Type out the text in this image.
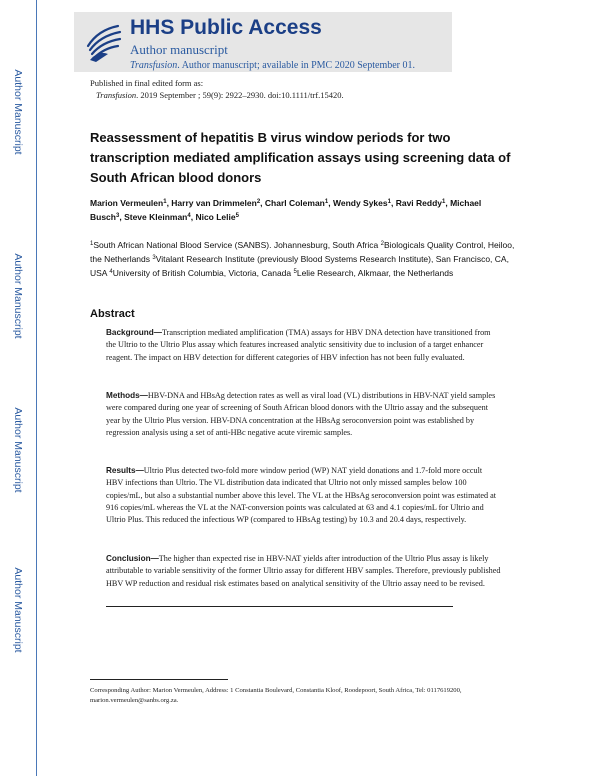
Author Manuscript
Author Manuscript
Author Manuscript
Author Manuscript
HHS Public Access
Author manuscript
Transfusion. Author manuscript; available in PMC 2020 September 01.
Published in final edited form as:
Transfusion. 2019 September ; 59(9): 2922–2930. doi:10.1111/trf.15420.
Reassessment of hepatitis B virus window periods for two transcription mediated amplification assays using screening data of South African blood donors
Marion Vermeulen$^1$, Harry van Drimmelen$^2$, Charl Coleman$^1$, Wendy Sykes$^1$, Ravi Reddy$^1$, Michael Busch$^3$, Steve Kleinman$^4$, Nico Lelie$^5$
$^1$South African National Blood Service (SANBS). Johannesburg, South Africa $^2$Biologicals Quality Control, Heiloo, the Netherlands $^3$Vitalant Research Institute (previously Blood Systems Research Institute), San Francisco, CA, USA $^4$University of British Columbia, Victoria, Canada $^5$Lelie Research, Alkmaar, the Netherlands
Abstract
Background—Transcription mediated amplification (TMA) assays for HBV DNA detection have transitioned from the Ultrio to the Ultrio Plus assay which features increased analytic sensitivity due to inclusion of a target enhancer reagent. The impact on HBV detection for different categories of HBV infection has not been fully evaluated.
Methods—HBV-DNA and HBsAg detection rates as well as viral load (VL) distributions in HBV-NAT yield samples were compared during one year of screening of South African blood donors with the Ultrio assay and the subsequent year by the Ultrio Plus version. HBV-DNA concentration at the HBsAg seroconversion point was established by regression analysis using a set of anti-HBc negative acute viremic samples.
Results—Ultrio Plus detected two-fold more window period (WP) NAT yield donations and 1.7-fold more occult HBV infections than Ultrio. The VL distribution data indicated that Ultrio not only missed samples below 100 copies/mL, but also a substantial number above this level. The VL at the HBsAg seroconversion point was estimated at 916 copies/mL whereas the VL at the NAT-conversion points was calculated at 63 and 4.1 copies/mL for Ultrio and Ultrio Plus. This reduced the infectious WP (compared to HBsAg testing) by 10.3 and 20.4 days, respectively.
Conclusion—The higher than expected rise in HBV-NAT yields after introduction of the Ultrio Plus assay is likely attributable to variable sensitivity of the former Ultrio assay for different HBV samples. Therefore, previously published HBV WP reduction and residual risk estimates based on analytical sensitivity of the Ultrio assay need to be revised.
Corresponding Author: Marion Vermeulen, Address: 1 Constantia Boulevard, Constantia Kloof, Roodepoort, South Africa, Tel: 0117619200, marion.vermeulen@sanbs.org.za.
